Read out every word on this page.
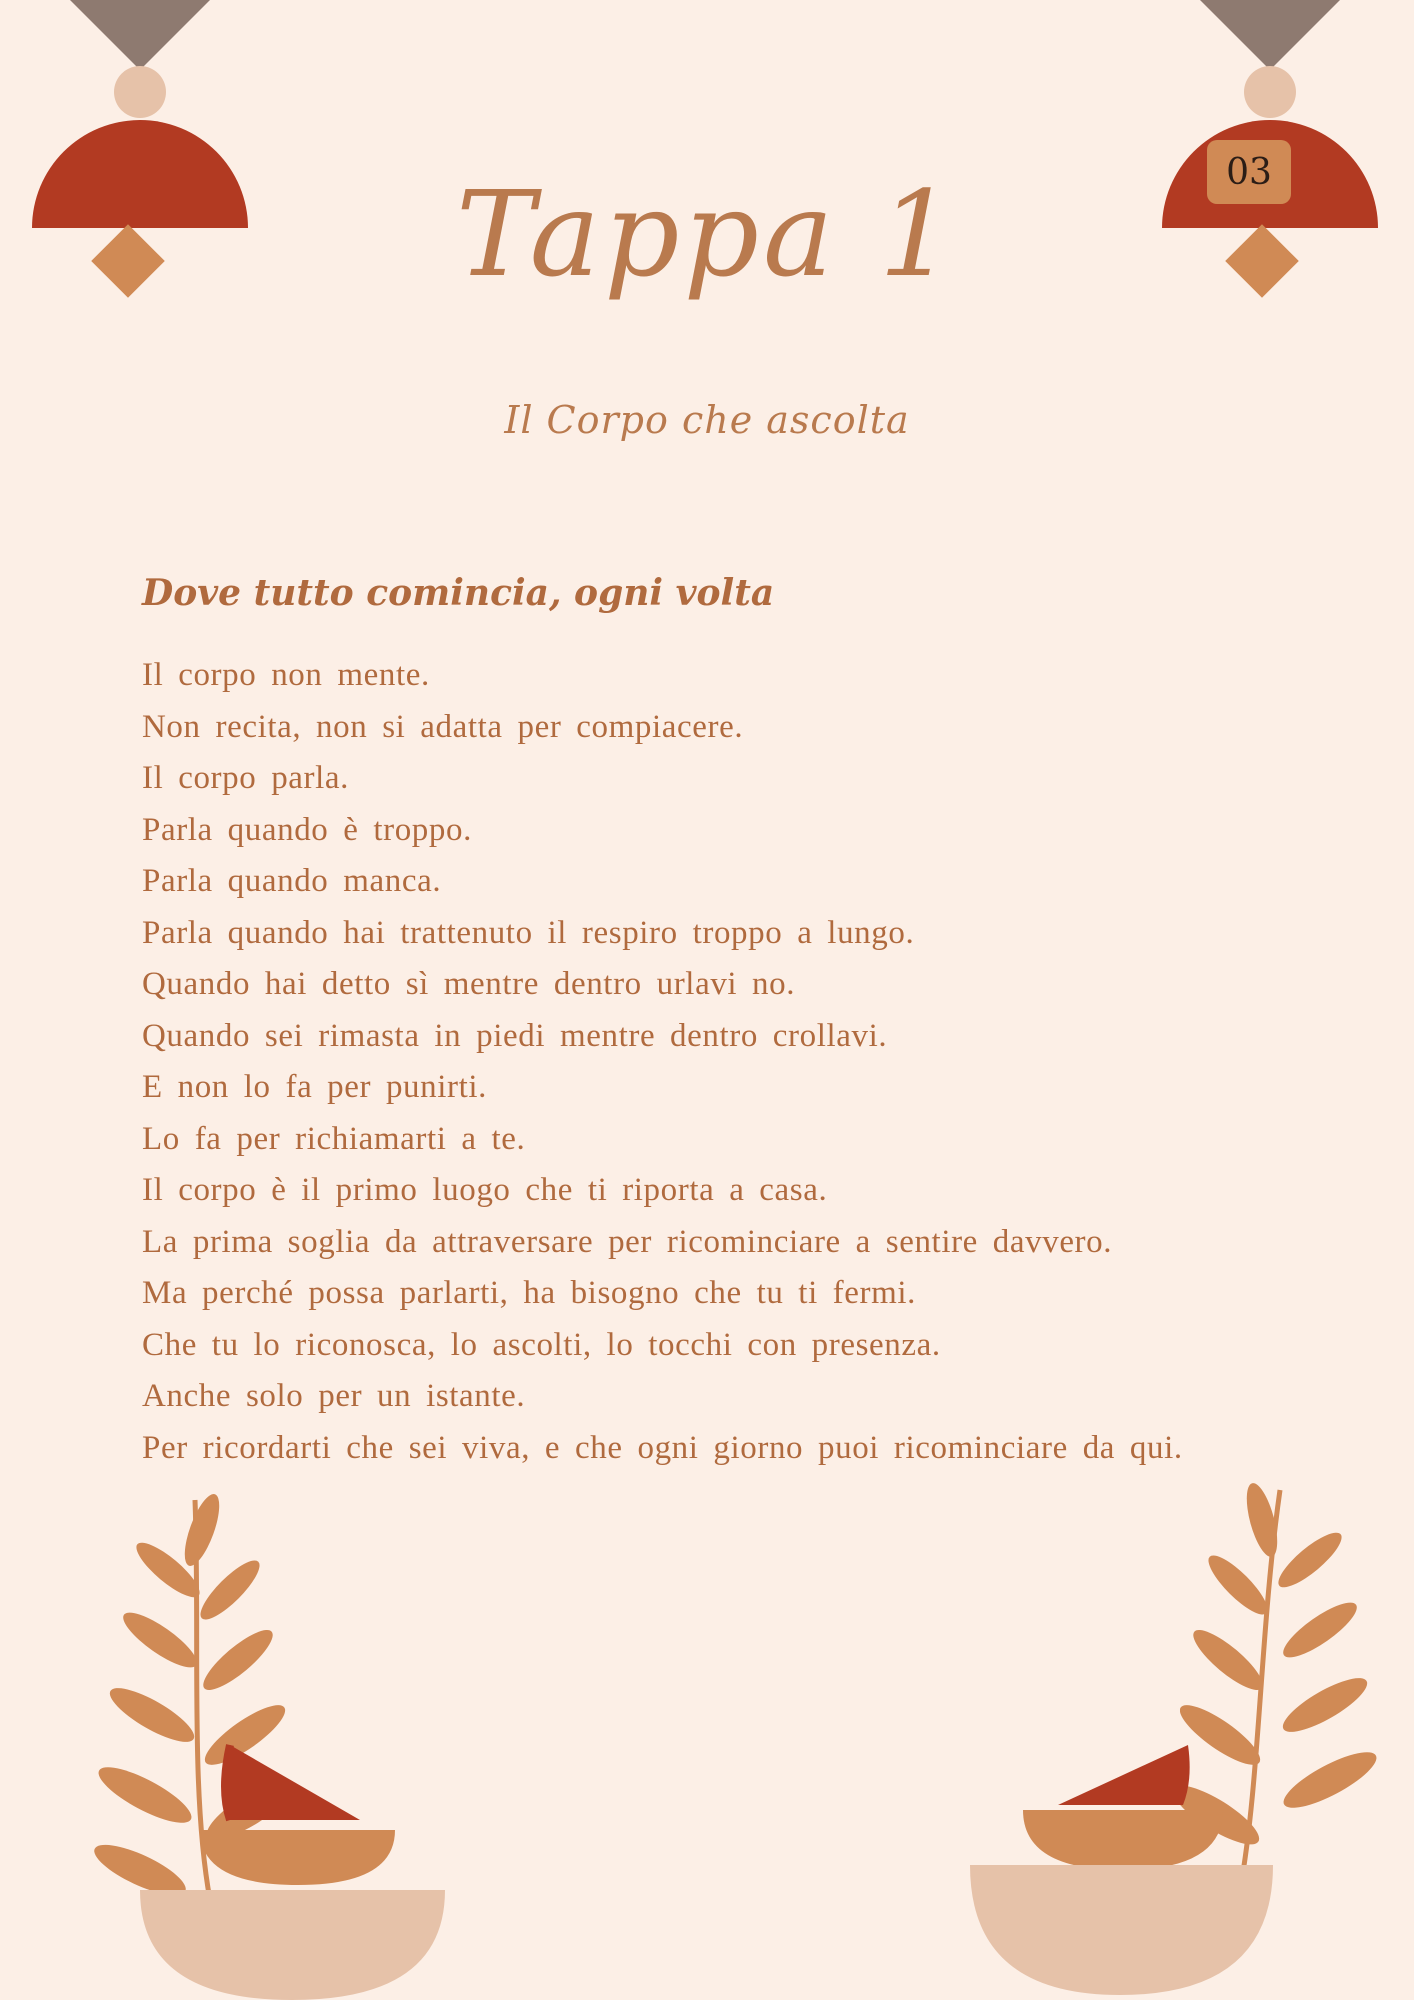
03
Tappa 1
Il Corpo che ascolta
Dove tutto comincia, ogni volta
Il corpo non mente.
Non recita, non si adatta per compiacere.
Il corpo parla.
Parla quando è troppo.
Parla quando manca.
Parla quando hai trattenuto il respiro troppo a lungo.
Quando hai detto sì mentre dentro urlavi no.
Quando sei rimasta in piedi mentre dentro crollavi.
E non lo fa per punirti.
Lo fa per richiamarti a te.
Il corpo è il primo luogo che ti riporta a casa.
La prima soglia da attraversare per ricominciare a sentire davvero.
Ma perché possa parlarti, ha bisogno che tu ti fermi.
Che tu lo riconosca, lo ascolti, lo tocchi con presenza.
Anche solo per un istante.
Per ricordarti che sei viva, e che ogni giorno puoi ricominciare da qui.
